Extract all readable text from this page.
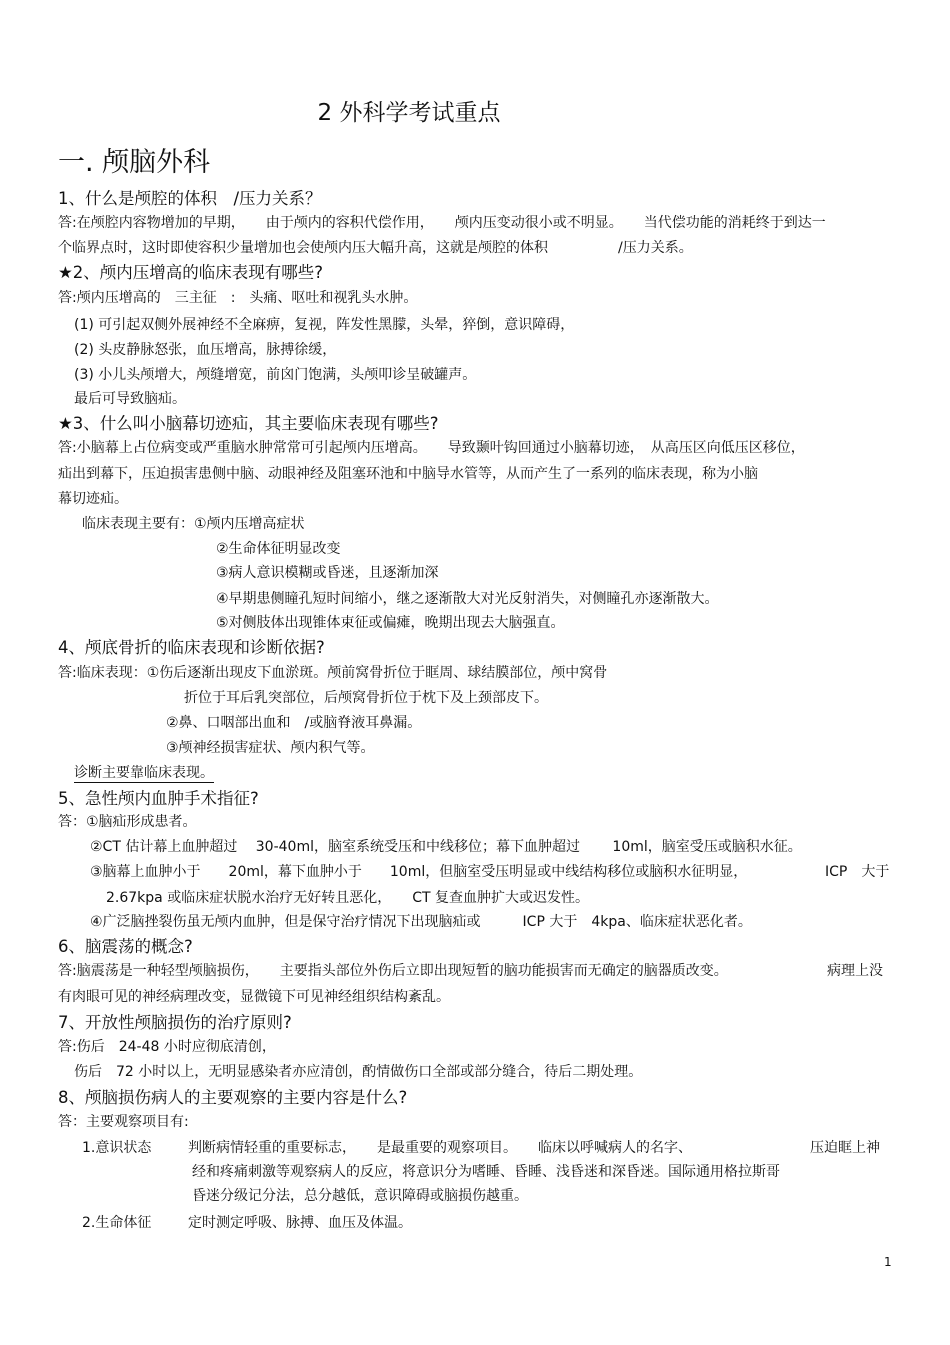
2 外科学考试重点
一. 颅脑外科
1、什么是颅腔的体积　/压力关系？
答:在颅腔内容物增加的早期，　　由于颅内的容积代偿作用，　　颅内压变动很小或不明显。　　当代偿功能的消耗终于到达一
个临界点时，这时即使容积少量增加也会使颅内压大幅升高，这就是颅腔的体积　　　　　/压力关系。
★2、颅内压增高的临床表现有哪些?
答:颅内压增高的　三主征　:　头痛、呕吐和视乳头水肿。
(1) 可引起双侧外展神经不全麻痹，复视，阵发性黑朦，头晕，猝倒，意识障碍，
(2) 头皮静脉怒张，血压增高，脉搏徐缓，
(3) 小儿头颅增大，颅缝增宽，前囟门饱满，头颅叩诊呈破罐声。
最后可导致脑疝。
★3、什么叫小脑幕切迹疝，其主要临床表现有哪些?
答:小脑幕上占位病变或严重脑水肿常常可引起颅内压增高。　　导致颞叶钩回通过小脑幕切迹，　从高压区向低压区移位，
疝出到幕下，压迫损害患侧中脑、动眼神经及阻塞环池和中脑导水管等，从而产生了一系列的临床表现，称为小脑
幕切迹疝。
临床表现主要有：①颅内压增高症状
②生命体征明显改变
③病人意识模糊或昏迷，且逐渐加深
④早期患侧瞳孔短时间缩小，继之逐渐散大对光反射消失，对侧瞳孔亦逐渐散大。
⑤对侧肢体出现锥体束征或偏瘫，晚期出现去大脑强直。
4、颅底骨折的临床表现和诊断依据?
答:临床表现：①伤后逐渐出现皮下血淤斑。颅前窝骨折位于眶周、球结膜部位，颅中窝骨
折位于耳后乳突部位，后颅窝骨折位于枕下及上颈部皮下。
②鼻、口咽部出血和　/或脑脊液耳鼻漏。
③颅神经损害症状、颅内积气等。
诊断主要靠临床表现。
5、急性颅内血肿手术指征?
答：①脑疝形成患者。
②CT 估计幕上血肿超过　 30-40ml，脑室系统受压和中线移位；幕下血肿超过　　 10ml，脑室受压或脑积水征。
③脑幕上血肿小于　　20ml，幕下血肿小于　　10ml，但脑室受压明显或中线结构移位或脑积水征明显，	ICP　大于
2.67kpa 或临床症状脱水治疗无好转且恶化，　　CT 复查血肿扩大或迟发性。
④广泛脑挫裂伤虽无颅内血肿，但是保守治疗情况下出现脑疝或　　　ICP 大于　4kpa、临床症状恶化者。
6、脑震荡的概念?
答:脑震荡是一种轻型颅脑损伤，　　主要指头部位外伤后立即出现短暂的脑功能损害而无确定的脑器质改变。	病理上没
有肉眼可见的神经病理改变，显微镜下可见神经组织结构紊乱。
7、开放性颅脑损伤的治疗原则?
答:伤后　24-48 小时应彻底清创，
伤后　72 小时以上，无明显感染者亦应清创，酌情做伤口全部或部分缝合，待后二期处理。
8、颅脑损伤病人的主要观察的主要内容是什么?
答：主要观察项目有:
1.意识状态	判断病情轻重的重要标志，　　是最重要的观察项目。　　临床以呼喊病人的名字、	压迫眶上神
经和疼痛刺激等观察病人的反应，将意识分为嗜睡、昏睡、浅昏迷和深昏迷。国际通用格拉斯哥
昏迷分级记分法，总分越低，意识障碍或脑损伤越重。
2.生命体征	定时测定呼吸、脉搏、血压及体温。
1
